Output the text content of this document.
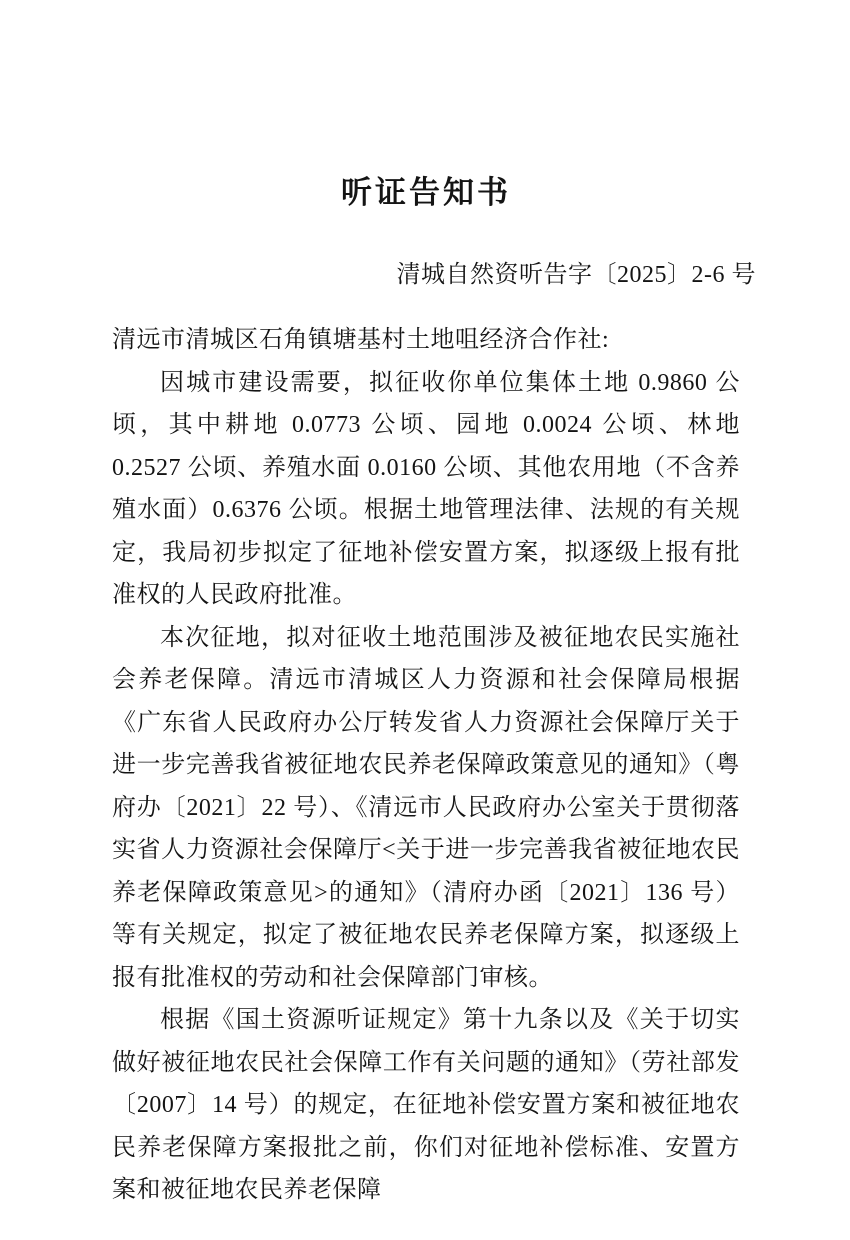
听证告知书
清城自然资听告字〔2025〕2-6 号
清远市清城区石角镇塘基村土地咀经济合作社:

因城市建设需要，拟征收你单位集体土地 0.9860 公顷，其中耕地 0.0773 公顷、园地 0.0024 公顷、林地 0.2527 公顷、养殖水面 0.0160 公顷、其他农用地（不含养殖水面）0.6376 公顷。根据土地管理法律、法规的有关规定，我局初步拟定了征地补偿安置方案，拟逐级上报有批准权的人民政府批准。

本次征地，拟对征收土地范围涉及被征地农民实施社会养老保障。清远市清城区人力资源和社会保障局根据《广东省人民政府办公厅转发省人力资源社会保障厅关于进一步完善我省被征地农民养老保障政策意见的通知》（粤府办〔2021〕22 号）、《清远市人民政府办公室关于贯彻落实省人力资源社会保障厅<关于进一步完善我省被征地农民养老保障政策意见>的通知》（清府办函〔2021〕136 号）等有关规定，拟定了被征地农民养老保障方案，拟逐级上报有批准权的劳动和社会保障部门审核。

根据《国土资源听证规定》第十九条以及《关于切实做好被征地农民社会保障工作有关问题的通知》（劳社部发〔2007〕14 号）的规定，在征地补偿安置方案和被征地农民养老保障方案报批之前，你们对征地补偿标准、安置方案和被征地农民养老保障
